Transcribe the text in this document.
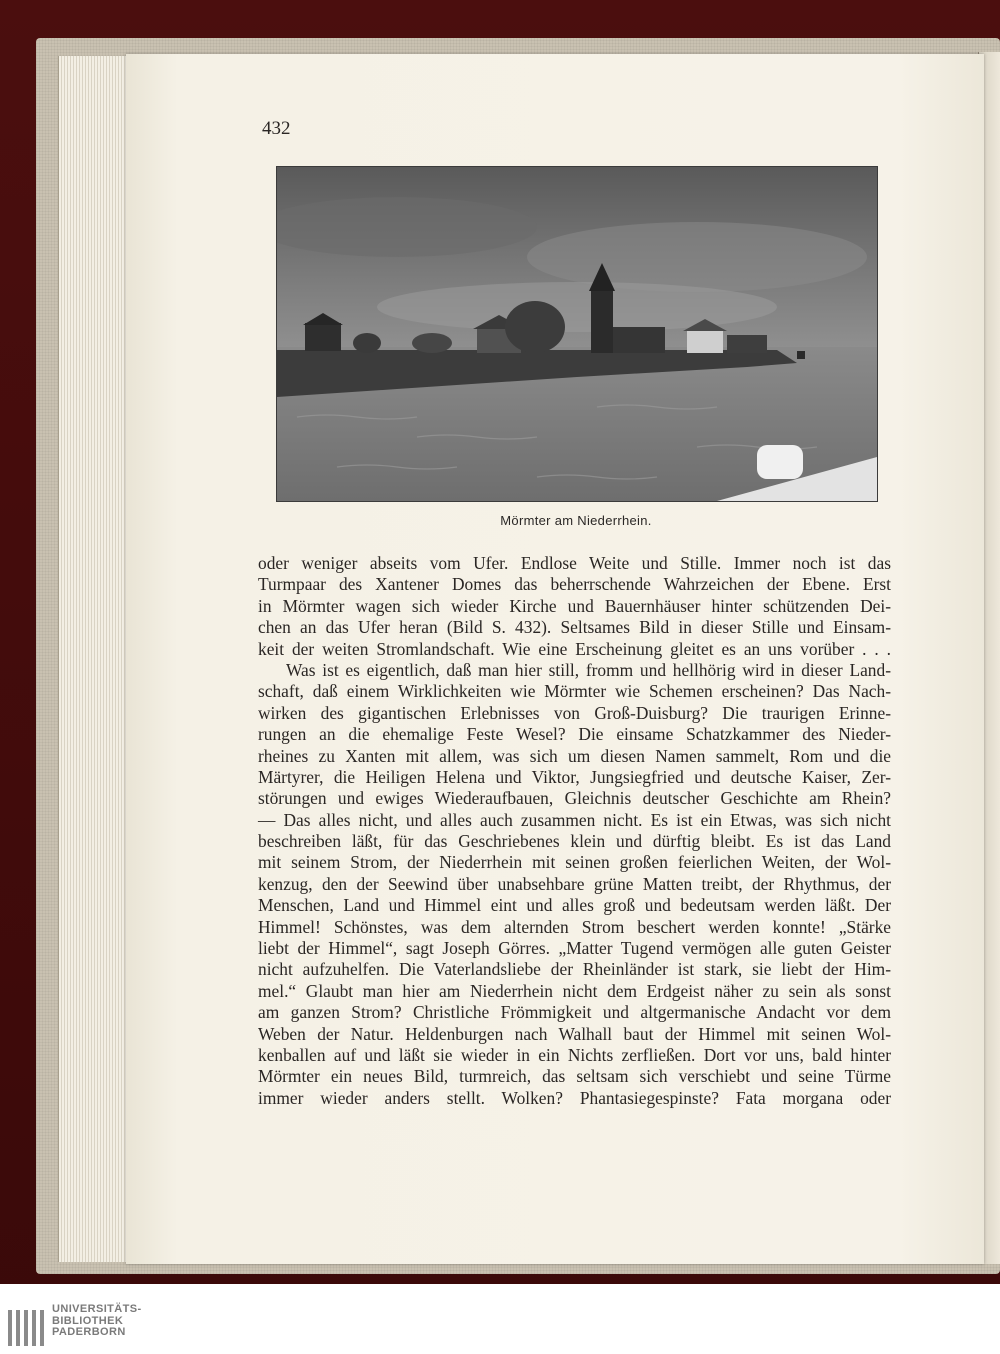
432
Mörmter am Niederrhein.
oder weniger abseits vom Ufer. Endlose Weite und Stille. Immer noch ist das
Turmpaar des Xantener Domes das beherrschende Wahrzeichen der Ebene. Erst
in Mörmter wagen sich wieder Kirche und Bauernhäuser hinter schützenden Dei-
chen an das Ufer heran (Bild S. 432). Seltsames Bild in dieser Stille und Einsam-
keit der weiten Stromlandschaft. Wie eine Erscheinung gleitet es an uns vorüber . . .
Was ist es eigentlich, daß man hier still, fromm und hellhörig wird in dieser Land-
schaft, daß einem Wirklichkeiten wie Mörmter wie Schemen erscheinen? Das Nach-
wirken des gigantischen Erlebnisses von Groß-Duisburg? Die traurigen Erinne-
rungen an die ehemalige Feste Wesel? Die einsame Schatzkammer des Nieder-
rheines zu Xanten mit allem, was sich um diesen Namen sammelt, Rom und die
Märtyrer, die Heiligen Helena und Viktor, Jungsiegfried und deutsche Kaiser, Zer-
störungen und ewiges Wiederaufbauen, Gleichnis deutscher Geschichte am Rhein?
— Das alles nicht, und alles auch zusammen nicht. Es ist ein Etwas, was sich nicht
beschreiben läßt, für das Geschriebenes klein und dürftig bleibt. Es ist das Land
mit seinem Strom, der Niederrhein mit seinen großen feierlichen Weiten, der Wol-
kenzug, den der Seewind über unabsehbare grüne Matten treibt, der Rhythmus, der
Menschen, Land und Himmel eint und alles groß und bedeutsam werden läßt. Der
Himmel! Schönstes, was dem alternden Strom beschert werden konnte! „Stärke
liebt der Himmel“, sagt Joseph Görres. „Matter Tugend vermögen alle guten Geister
nicht aufzuhelfen. Die Vaterlandsliebe der Rheinländer ist stark, sie liebt der Him-
mel.“ Glaubt man hier am Niederrhein nicht dem Erdgeist näher zu sein als sonst
am ganzen Strom? Christliche Frömmigkeit und altgermanische Andacht vor dem
Weben der Natur. Heldenburgen nach Walhall baut der Himmel mit seinen Wol-
kenballen auf und läßt sie wieder in ein Nichts zerfließen. Dort vor uns, bald hinter
Mörmter ein neues Bild, turmreich, das seltsam sich verschiebt und seine Türme
immer wieder anders stellt. Wolken? Phantasiegespinste? Fata morgana oder
UNIVERSITÄTS-
BIBLIOTHEK
PADERBORN
